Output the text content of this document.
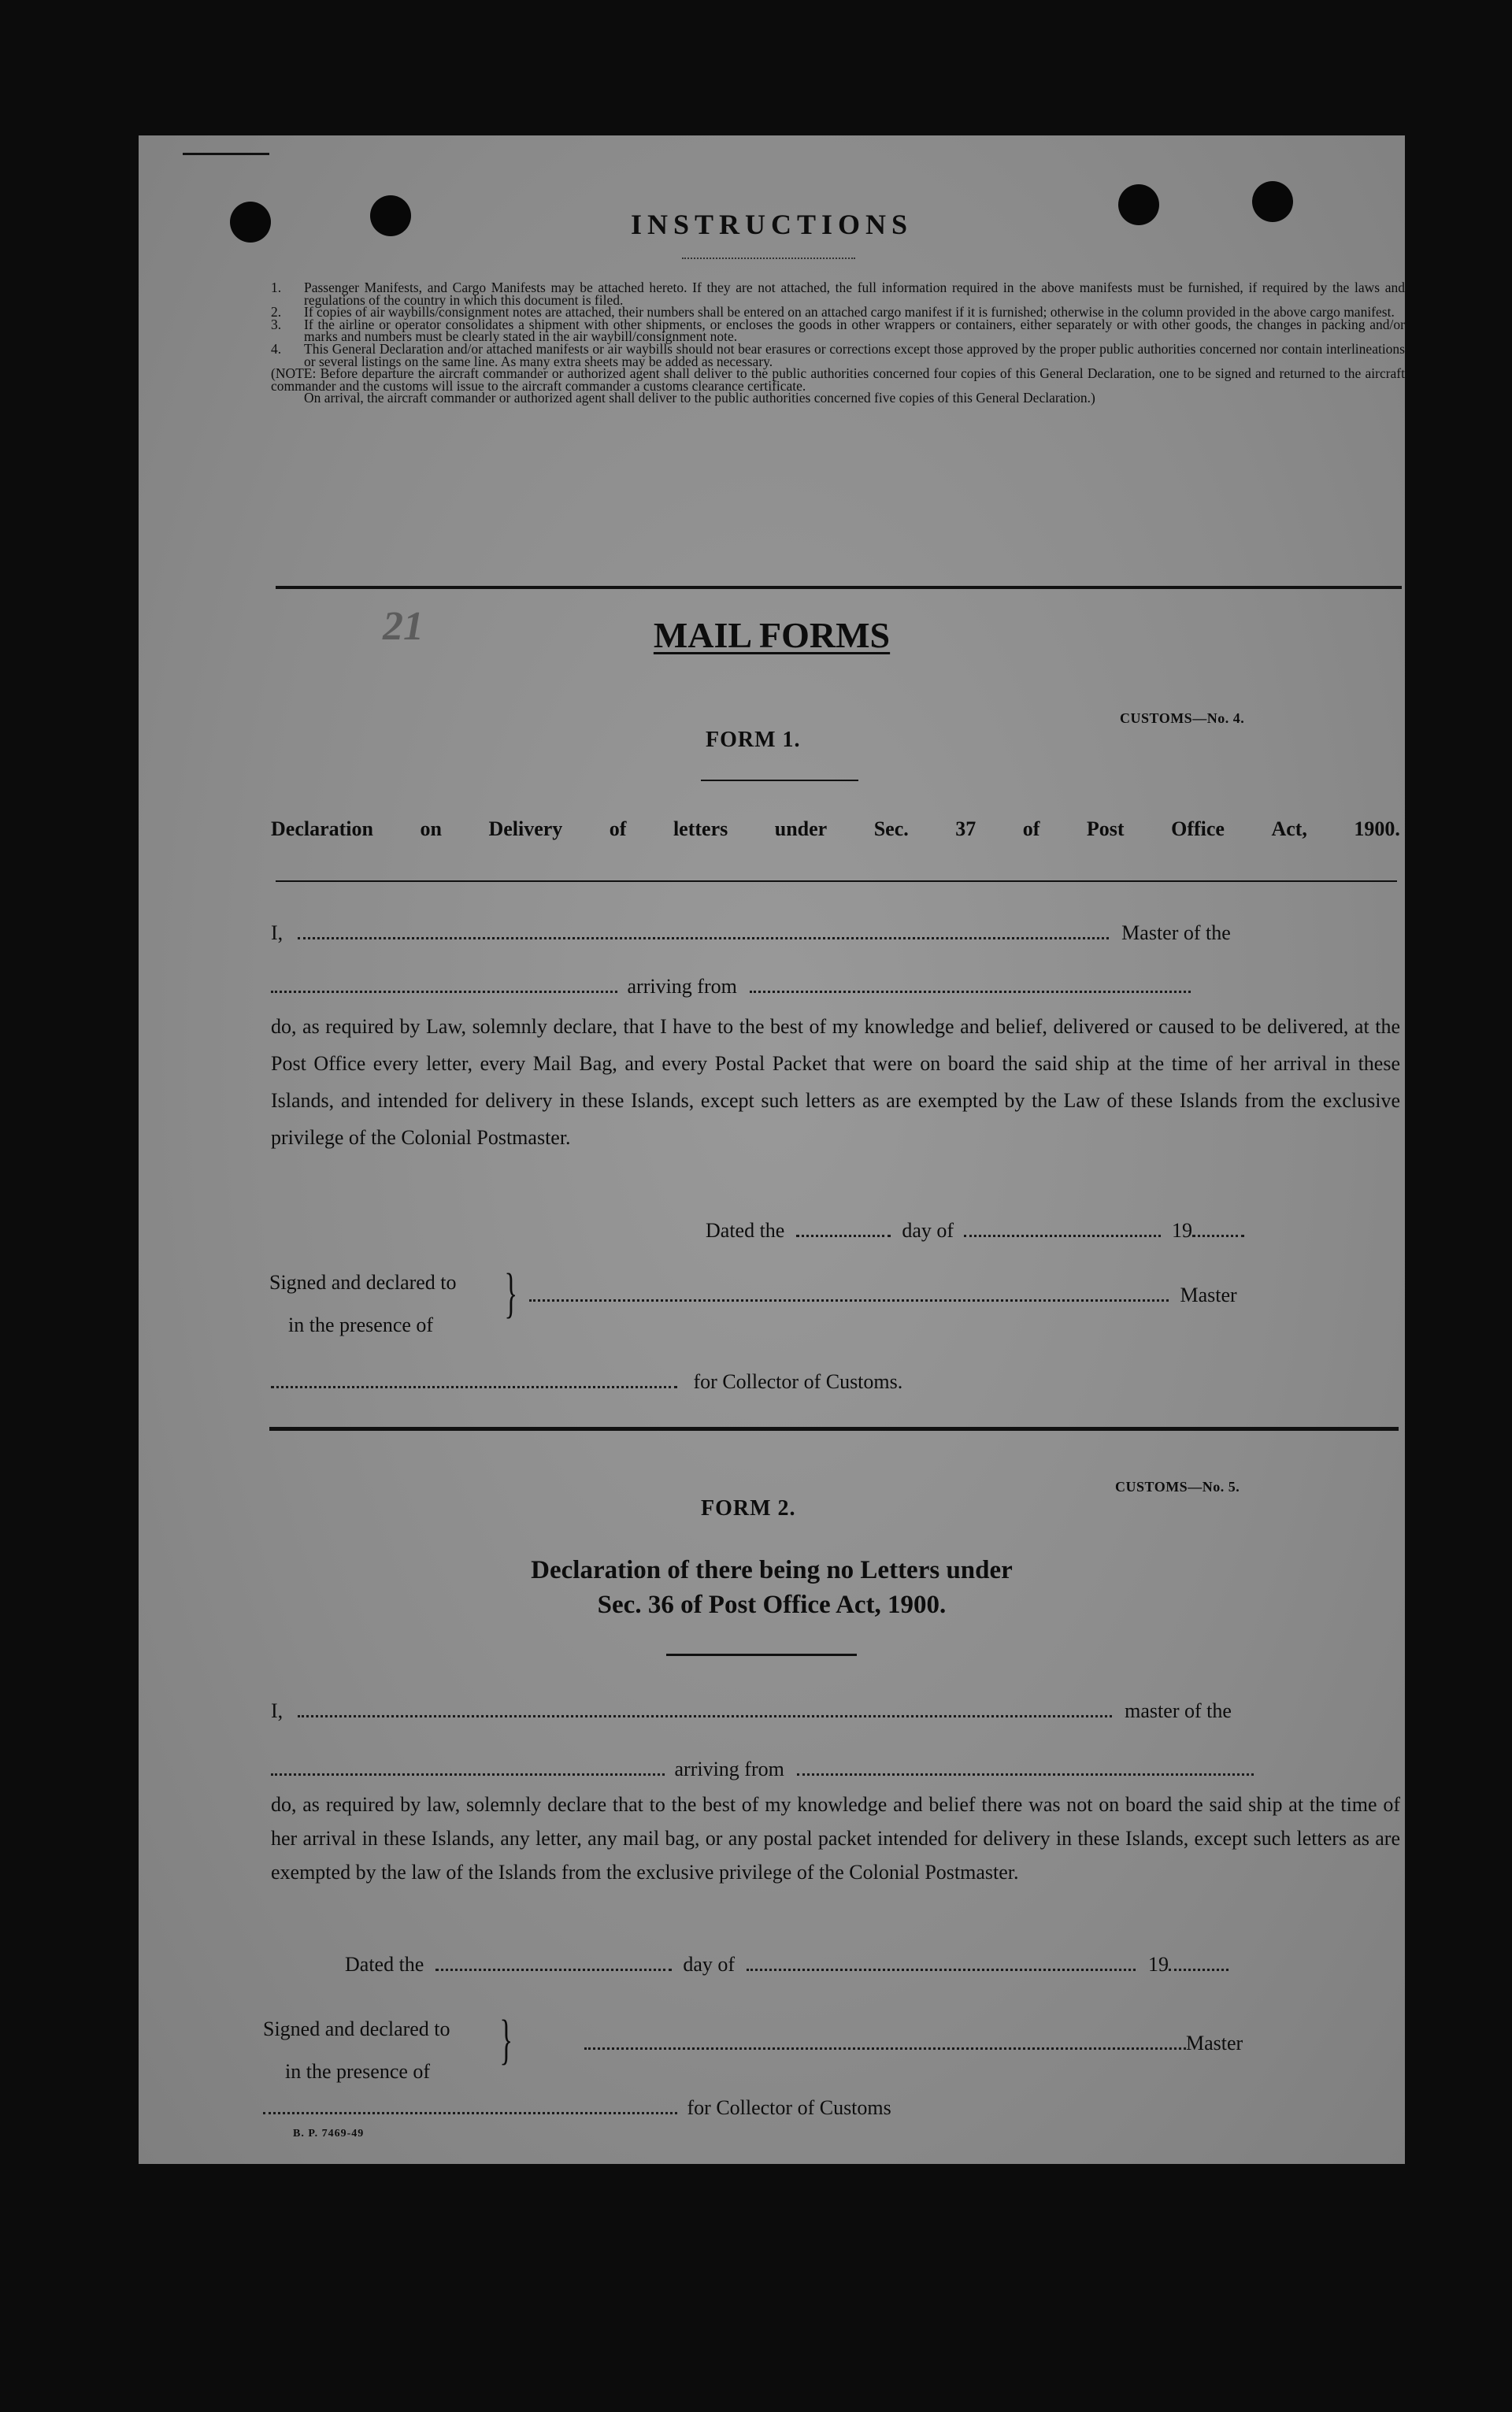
INSTRUCTIONS

1. Passenger Manifests, and Cargo Manifests may be attached hereto. If they are not attached, the full information required in the above manifests must be furnished, if required by the laws and regulations of the country in which this document is filed.

2. If copies of air waybills/consignment notes are attached, their numbers shall be entered on an attached cargo manifest if it is furnished; otherwise in the column provided in the above cargo manifest.

3. If the airline or operator consolidates a shipment with other shipments, or encloses the goods in other wrappers or containers, either separately or with other goods, the changes in packing and/or marks and numbers must be clearly stated in the air waybill/consignment note.

4. This General Declaration and/or attached manifests or air waybills should not bear erasures or corrections except those approved by the proper public authorities concerned nor contain interlineations or several listings on the same line. As many extra sheets may be added as necessary.

(NOTE: Before departure the aircraft commander or authorized agent shall deliver to the public authorities concerned four copies of this General Declaration, one to be signed and returned to the aircraft commander and the customs will issue to the aircraft commander a customs clearance certificate.

On arrival, the aircraft commander or authorized agent shall deliver to the public authorities concerned five copies of this General Declaration.)

21	MAIL FORMS
CUSTOMS—No. 4.
FORM 1.
Declaration on Delivery of letters under Sec. 37 of Post Office Act, 1900.
I,	Master of the
arriving from
do, as required by Law, solemnly declare, that I have to the best of my knowledge and belief, delivered or caused to be delivered, at the Post Office every letter, every Mail Bag, and every Postal Packet that were on board the said ship at the time of her arrival in these Islands, and intended for delivery in these Islands, except such letters as are exempted by the Law of these Islands from the exclusive privilege of the Colonial Postmaster.
Dated the	day of	19
Signed and declared to
in the presence of
}	Master
for Collector of Customs.
CUSTOMS—No. 5.
FORM 2.
Declaration of there being no Letters under
Sec. 36 of Post Office Act, 1900.
I,	master of the
arriving from
do, as required by law, solemnly declare that to the best of my knowledge and belief there was not on board the said ship at the time of her arrival in these Islands, any letter, any mail bag, or any postal packet intended for delivery in these Islands, except such letters as are exempted by the law of the Islands from the exclusive privilege of the Colonial Postmaster.
Dated the	day of	19
Signed and declared to
in the presence of
}	Master
for Collector of Customs
B. P. 7469-49
